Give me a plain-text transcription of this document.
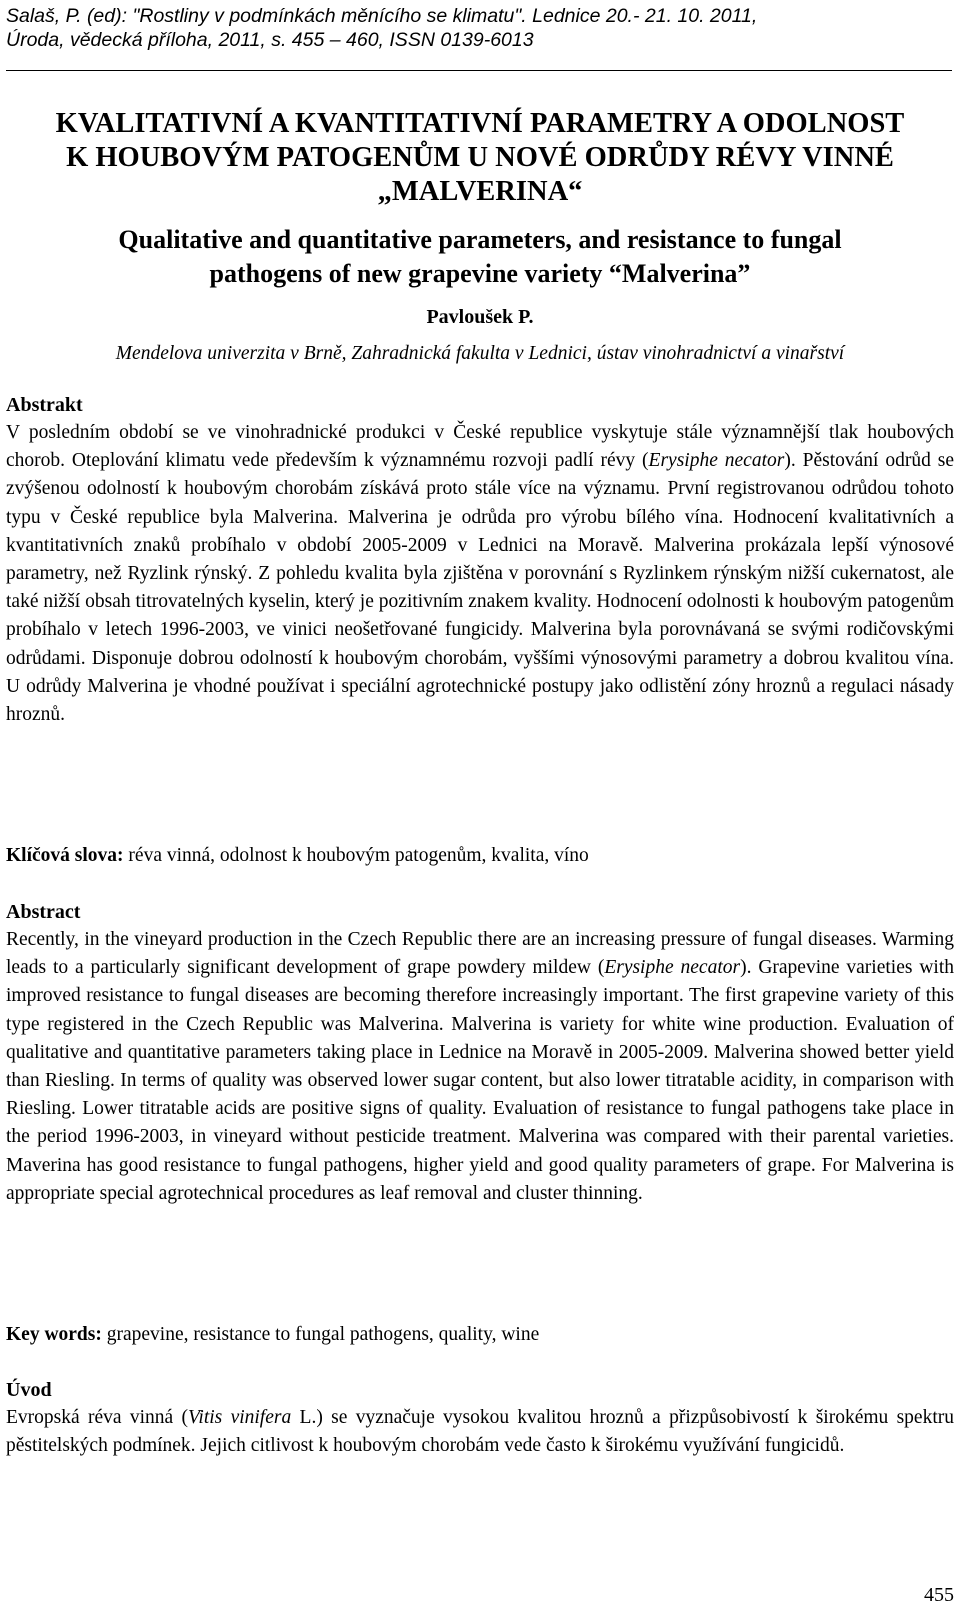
Salaš, P. (ed): "Rostliny v podmínkách měnícího se klimatu". Lednice 20.- 21. 10. 2011,
Úroda, vědecká příloha, 2011, s. 455 – 460, ISSN 0139-6013
KVALITATIVNÍ A KVANTITATIVNÍ PARAMETRY A ODOLNOST
K HOUBOVÝM PATOGENŮM U NOVÉ ODRŮDY RÉVY VINNÉ
„MALVERINA“
Qualitative and quantitative parameters, and resistance to fungal
pathogens of new grapevine variety “Malverina”
Pavloušek P.
Mendelova univerzita v Brně, Zahradnická fakulta v Lednici, ústav vinohradnictví a vinařství
Abstrakt
V posledním období se ve vinohradnické produkci v České republice vyskytuje stále významnější tlak houbových chorob. Oteplování klimatu vede především k významnému rozvoji padlí révy (Erysiphe necator). Pěstování odrůd se zvýšenou odolností k houbovým chorobám získává proto stále více na významu. První registrovanou odrůdou tohoto typu v České republice byla Malverina. Malverina je odrůda pro výrobu bílého vína. Hodnocení kvalitativních a kvantitativních znaků probíhalo v období 2005-2009 v Lednici na Moravě. Malverina prokázala lepší výnosové parametry, než Ryzlink rýnský. Z pohledu kvalita byla zjištěna v porovnání s Ryzlinkem rýnským nižší cukernatost, ale také nižší obsah titrovatelných kyselin, který je pozitivním znakem kvality. Hodnocení odolnosti k houbovým patogenům probíhalo v letech 1996-2003, ve vinici neošetřované fungicidy. Malverina byla porovnávaná se svými rodičovskými odrůdami. Disponuje dobrou odolností k houbovým chorobám, vyššími výnosovými parametry a dobrou kvalitou vína. U odrůdy Malverina je vhodné používat i speciální agrotechnické postupy jako odlistění zóny hroznů a regulaci násady hroznů.
Klíčová slova: réva vinná, odolnost k houbovým patogenům, kvalita, víno
Abstract
Recently, in the vineyard production in the Czech Republic there are an increasing pressure of fungal diseases. Warming leads to a particularly significant development of grape powdery mildew (Erysiphe necator). Grapevine varieties with improved resistance to fungal diseases are becoming therefore increasingly important. The first grapevine variety of this type registered in the Czech Republic was Malverina. Malverina is variety for white wine production. Evaluation of qualitative and quantitative parameters taking place in Lednice na Moravě in 2005-2009. Malverina showed better yield than Riesling. In terms of quality was observed lower sugar content, but also lower titratable acidity, in comparison with Riesling. Lower titratable acids are positive signs of quality. Evaluation of resistance to fungal pathogens take place in the period 1996-2003, in vineyard without pesticide treatment. Malverina was compared with their parental varieties. Maverina has good resistance to fungal pathogens, higher yield and good quality parameters of grape. For Malverina is appropriate special agrotechnical procedures as leaf removal and cluster thinning.
Key words: grapevine, resistance to fungal pathogens, quality, wine
Úvod
Evropská réva vinná (Vitis vinifera L.) se vyznačuje vysokou kvalitou hroznů a přizpůsobivostí k širokému spektru pěstitelských podmínek. Jejich citlivost k houbovým chorobám vede často k širokému využívání fungicidů.
455
